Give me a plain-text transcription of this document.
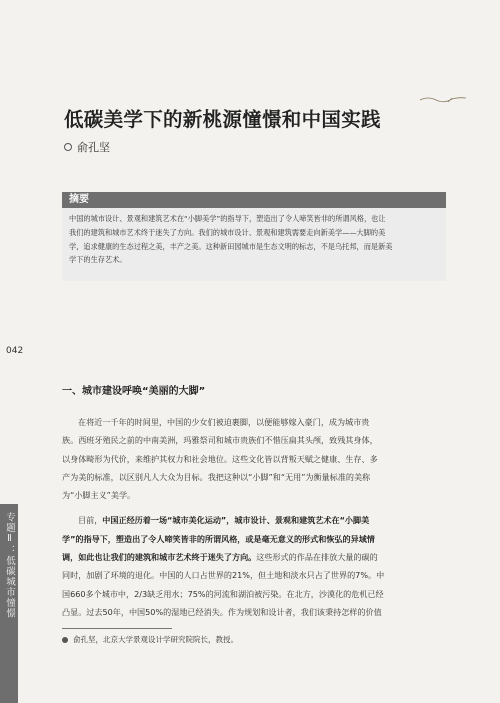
低碳美学下的新桃源憧憬和中国实践
俞孔坚
摘要
中国的城市设计、景观和建筑艺术在“小脚美学”的指导下，塑造出了令人啼笑皆非的所谓风格，也让
我们的建筑和城市艺术终于迷失了方向。我们的城市设计、景观和建筑需要走向新美学——大脚的美
学，追求健康的生态过程之美，丰产之美。这种新田园城市是生态文明的标志，不是乌托邦，而是新美
学下的生存艺术。
042
专题Ⅱ：低碳城市憧憬
一、城市建设呼唤“美丽的大脚”
在将近一千年的时间里，中国的少女们被迫裹脚，以便能够嫁入豪门，成为城市贵
族。西班牙殖民之前的中南美洲，玛雅祭司和城市贵族们不惜压扁其头颅，致残其身体，
以身体畸形为代价，来维护其权力和社会地位。这些文化皆以背叛天赋之健康、生存、多
产为美的标准，以区别凡人大众为目标。我把这种以“小脚”和“无用”为衡量标准的美称
为“小脚主义”美学。
目前，中国正经历着一场“城市美化运动”，城市设计、景观和建筑艺术在“小脚美
学”的指导下，塑造出了令人啼笑皆非的所谓风格，或是毫无意义的形式和恢弘的异域情
调，如此也让我们的建筑和城市艺术终于迷失了方向。这些形式的作品在排放大量的碳的
同时，加剧了环境的退化。中国的人口占世界的21%，但土地和淡水只占了世界的7%。中
国660多个城市中，2/3缺乏用水；75%的河流和湖泊被污染。在北方，沙漠化的危机已经
凸显。过去50年，中国50%的湿地已经消失。作为规划和设计者，我们该秉持怎样的价值
俞孔坚，北京大学景观设计学研究院院长，教授。
